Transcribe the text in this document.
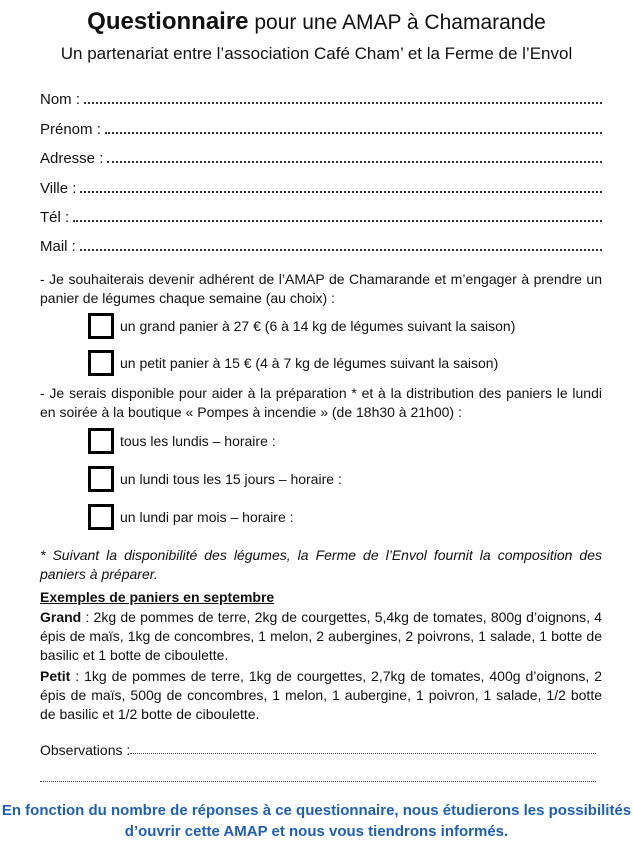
Questionnaire pour une AMAP à Chamarande
Un partenariat entre l’association Café Cham’ et la Ferme de l’Envol
Nom :
Prénom :
Adresse :
Ville :
Tél :
Mail :
- Je souhaiterais devenir adhérent de l’AMAP de Chamarande et m’engager à prendre un panier de légumes chaque semaine (au choix) :
un grand panier à 27 € (6 à 14 kg de légumes suivant la saison)
un petit panier à 15 € (4 à 7 kg de légumes suivant la saison)
- Je serais disponible pour aider à la préparation * et à la distribution des paniers le lundi en soirée à la boutique « Pompes à incendie » (de 18h30 à 21h00) :
tous les lundis – horaire :
un lundi tous les 15 jours – horaire :
un lundi par mois – horaire :
* Suivant la disponibilité des légumes, la Ferme de l’Envol fournit la composition des paniers à préparer.
Exemples de paniers en septembre
Grand : 2kg de pommes de terre, 2kg de courgettes, 5,4kg de tomates, 800g d’oignons, 4 épis de maïs, 1kg de concombres, 1 melon, 2 aubergines, 2 poivrons, 1 salade, 1 botte de basilic et 1 botte de ciboulette.
Petit : 1kg de pommes de terre, 1kg de courgettes, 2,7kg de tomates, 400g d’oignons, 2 épis de maïs, 500g de concombres, 1 melon, 1 aubergine, 1 poivron, 1 salade, 1/2 botte de basilic et 1/2 botte de ciboulette.
Observations :
En fonction du nombre de réponses à ce questionnaire, nous étudierons les possibilités d’ouvrir cette AMAP et nous vous tiendrons informés.
